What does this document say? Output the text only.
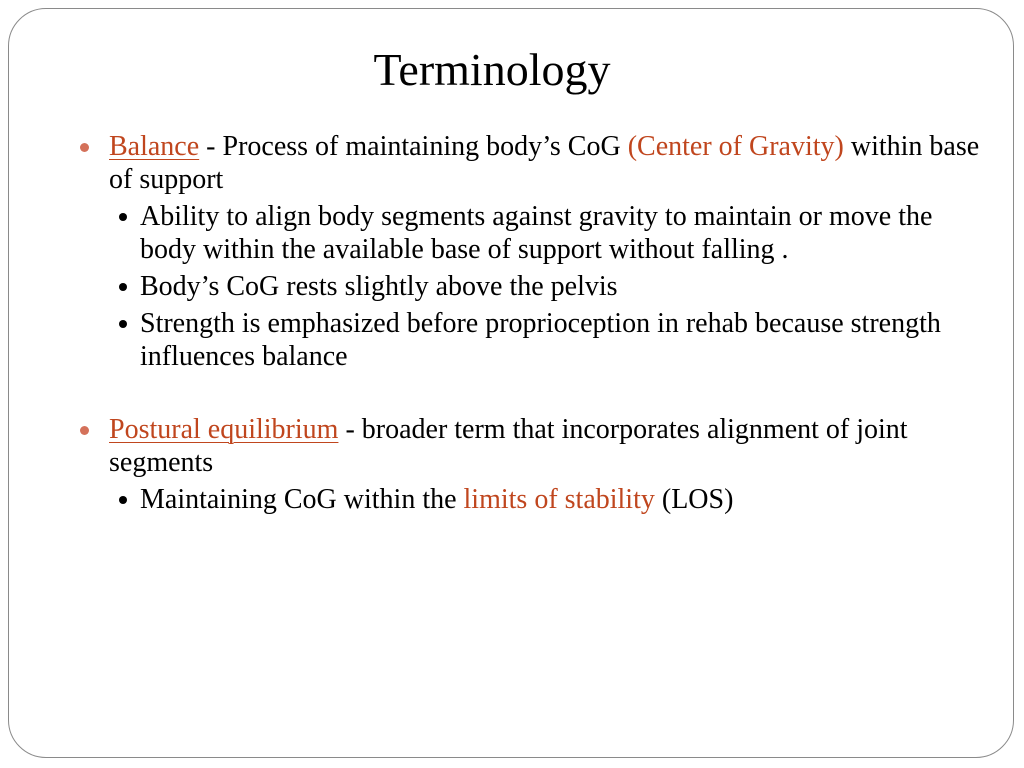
Terminology

Balance - Process of maintaining body’s CoG (Center of Gravity) within base of support

Ability to align body segments against gravity to maintain or move the body within the available base of support without falling .
Body’s CoG rests slightly above the pelvis
Strength is emphasized before proprioception in rehab because strength influences balance

Postural equilibrium - broader term that incorporates alignment of joint segments

Maintaining CoG within the limits of stability (LOS)
